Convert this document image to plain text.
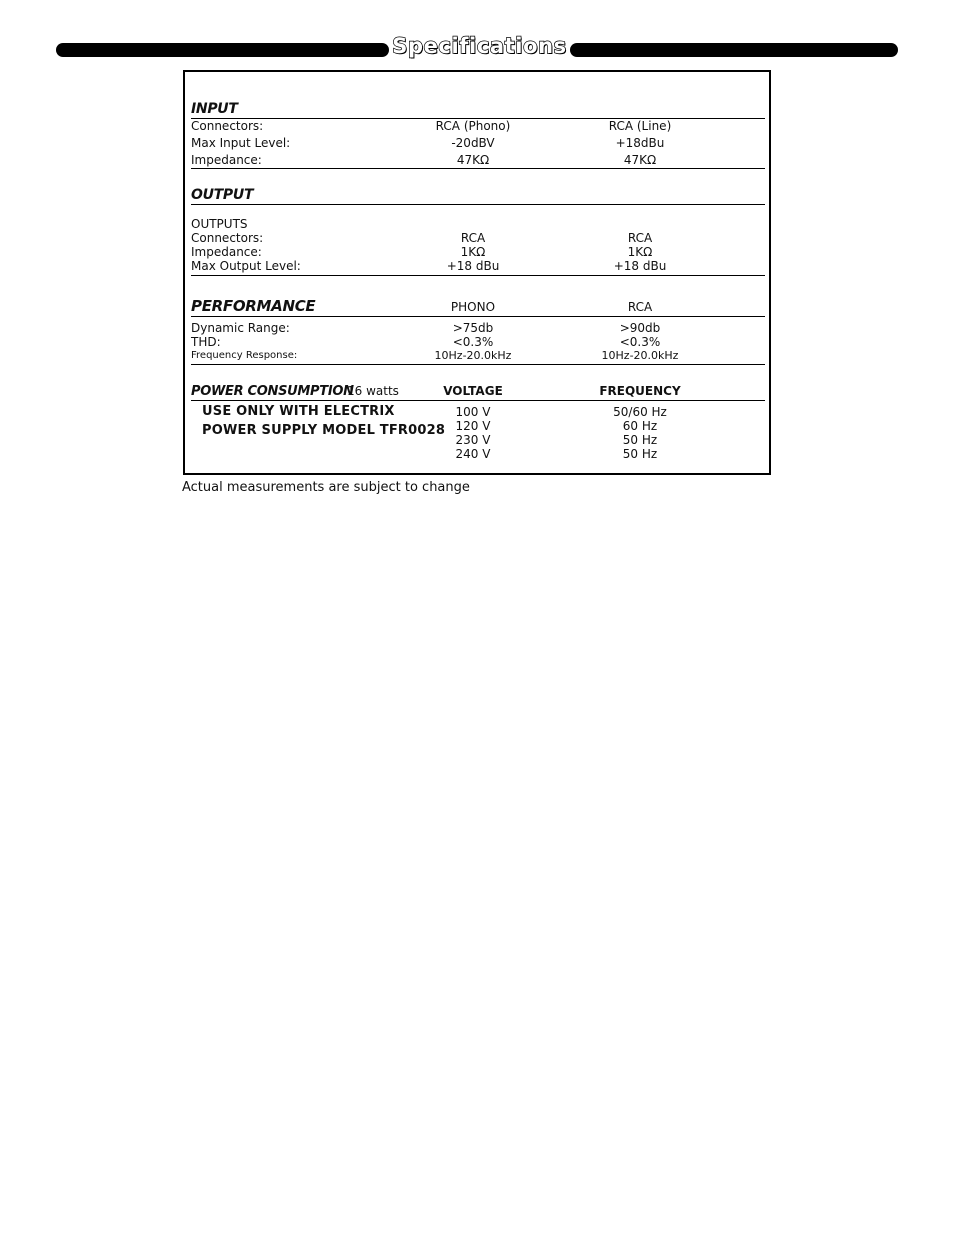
Specifications
INPUT
Connectors:	RCA (Phono)	RCA (Line)
Max Input Level:	-20dBV	+18dBu
Impedance:	47KΩ	47KΩ
OUTPUT
OUTPUTS
Connectors:	RCA	RCA
Impedance:	1KΩ	1KΩ
Max Output Level:	+18 dBu	+18 dBu
PERFORMANCE	PHONO	RCA
Dynamic Range:	>75db	>90db
THD:	<0.3%	<0.3%
Frequency Response:	10Hz-20.0kHz	10Hz-20.0kHz
POWER CONSUMPTION
16 watts	VOLTAGE	FREQUENCY
USE ONLY WITH ELECTRIX
POWER SUPPLY MODEL TFR0028
100 V	50/60 Hz
120 V	60 Hz
230 V	50 Hz
240 V	50 Hz
Actual measurements are subject to change
